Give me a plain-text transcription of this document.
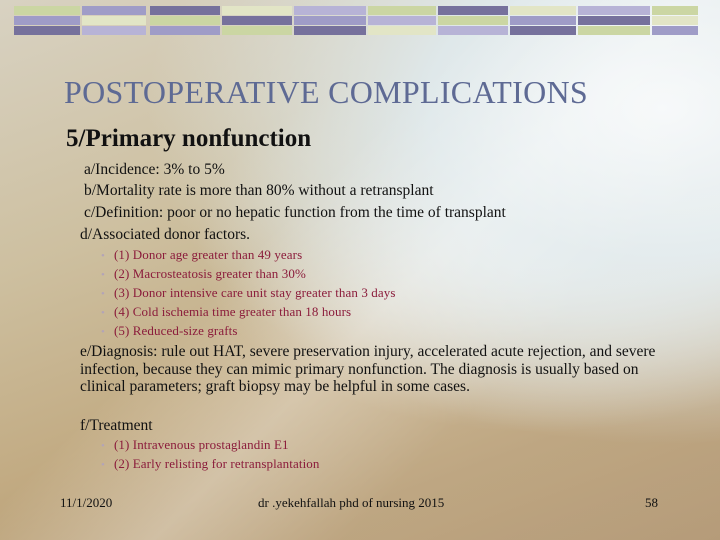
POSTOPERATIVE COMPLICATIONS
5/Primary nonfunction

a/Incidence: 3% to 5%

b/Mortality rate is more than 80% without a retransplant

c/Definition: poor or no hepatic function from the time of transplant

d/Associated donor factors.

• (1) Donor age greater than 49 years

• (2) Macrosteatosis greater than 30%

• (3) Donor intensive care unit stay greater than 3 days

• (4) Cold ischemia time greater than 18 hours

• (5) Reduced-size grafts

e/Diagnosis: rule out HAT, severe preservation injury, accelerated acute rejection, and severe infection, because they can mimic primary nonfunction. The diagnosis is usually based on clinical parameters; graft biopsy may be helpful in some cases.

f/Treatment

• (1) Intravenous prostaglandin E1

• (2) Early relisting for retransplantation

11/1/2020	dr .yekehfallah phd of nursing 2015	58
